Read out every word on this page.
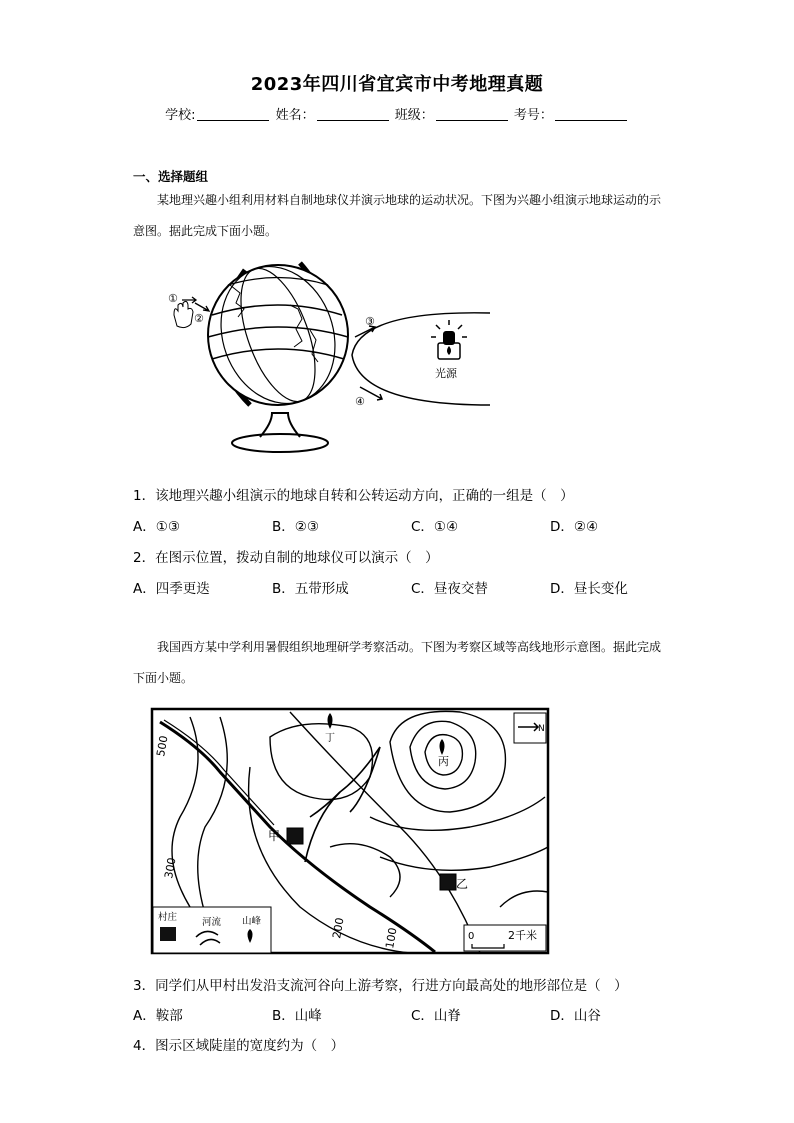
2023年四川省宜宾市中考地理真题
学校:	姓名：	班级：	考号：
一、选择题组
某地理兴趣小组利用材料自制地球仪并演示地球的运动状况。下图为兴趣小组演示地球运动的示意图。据此完成下面小题。
①
②	③
④
光源
1．该地理兴趣小组演示的地球自转和公转运动方向，正确的一组是（　）
A．①③	B．②③	C．①④	D．②④
2．在图示位置，拨动自制的地球仪可以演示（　）
A．四季更迭	B．五带形成	C．昼夜交替	D．昼长变化
我国西方某中学利用暑假组织地理研学考察活动。下图为考察区域等高线地形示意图。据此完成下面小题。
500
300
200	100
甲
乙
丙
丁
N
村庄	河流 山峰
0	2千米
3．同学们从甲村出发沿支流河谷向上游考察，行进方向最高处的地形部位是（　）
A．鞍部	B．山峰	C．山脊	D．山谷
4．图示区域陡崖的宽度约为（　）
